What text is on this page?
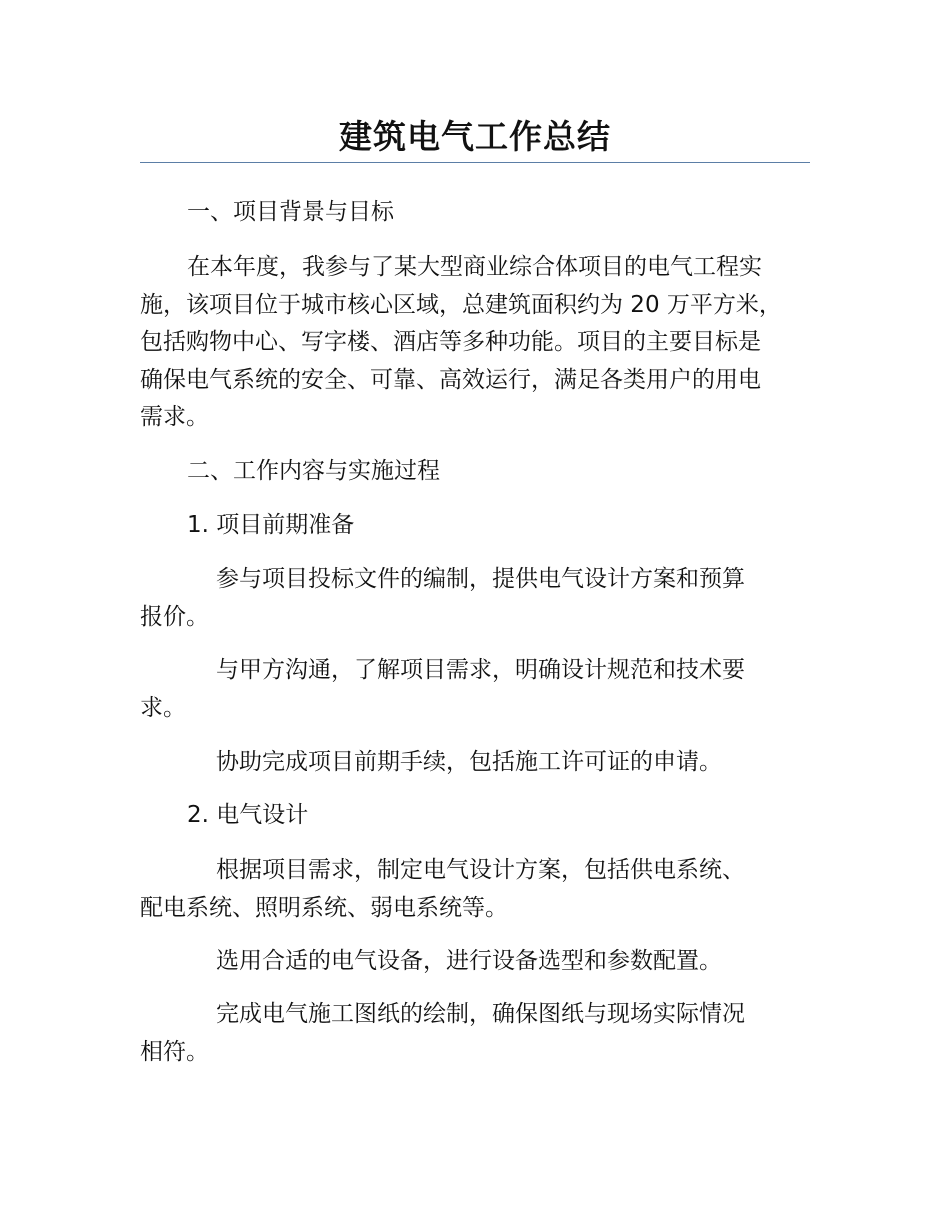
建筑电气工作总结

一、项目背景与目标

在本年度，我参与了某大型商业综合体项目的电气工程实
施，该项目位于城市核心区域，总建筑面积约为 20 万平方米，
包括购物中心、写字楼、酒店等多种功能。项目的主要目标是
确保电气系统的安全、可靠、高效运行，满足各类用户的用电
需求。

二、工作内容与实施过程

1. 项目前期准备

参与项目投标文件的编制，提供电气设计方案和预算
报价。

与甲方沟通，了解项目需求，明确设计规范和技术要
求。

协助完成项目前期手续，包括施工许可证的申请。

2. 电气设计

根据项目需求，制定电气设计方案，包括供电系统、
配电系统、照明系统、弱电系统等。

选用合适的电气设备，进行设备选型和参数配置。

完成电气施工图纸的绘制，确保图纸与现场实际情况
相符。
